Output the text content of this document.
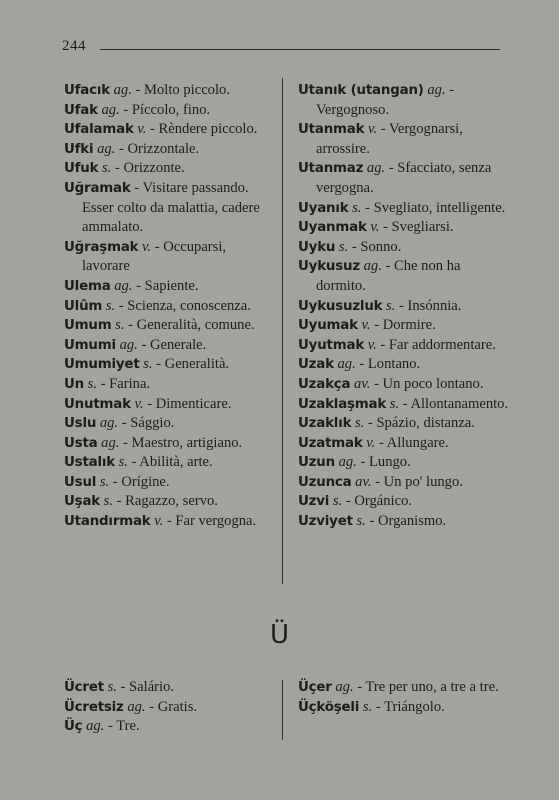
244

Ufacık ag. - Molto piccolo.

Ufak ag. - Píccolo, fino.

Ufalamak v. - Rèndere piccolo.

Ufki ag. - Orizzontale.

Ufuk s. - Orizzonte.

Uğramak - Visitare passando. Esser colto da malattia, cadere ammalato.

Uğraşmak v. - Occuparsi, lavorare

Ulema ag. - Sapiente.

Ulûm s. - Scienza, conoscenza.

Umum s. - Generalità, comune.

Umumi ag. - Generale.

Umumiyet s. - Generalità.

Un s. - Farina.

Unutmak v. - Dimenticare.

Uslu ag. - Sággio.

Usta ag. - Maestro, artigiano.

Ustalık s. - Abilità, arte.

Usul s. - Orígine.

Uşak s. - Ragazzo, servo.

Utandırmak v. - Far vergogna.

Utanık (utangan) ag. - Vergognoso.

Utanmak v. - Vergognarsi, arrossire.

Utanmaz ag. - Sfacciato, senza vergogna.

Uyanık s. - Svegliato, intelligente.

Uyanmak v. - Svegliarsi.

Uyku s. - Sonno.

Uykusuz ag. - Che non ha dormito.

Uykusuzluk s. - Insónnia.

Uyumak v. - Dormire.

Uyutmak v. - Far addormentare.

Uzak ag. - Lontano.

Uzakça av. - Un poco lontano.

Uzaklaşmak s. - Allontanamento.

Uzaklık s. - Spázio, distanza.

Uzatmak v. - Allungare.

Uzun ag. - Lungo.

Uzunca av. - Un po' lungo.

Uzvi s. - Orgánico.

Uzviyet s. - Organismo.

Ü

Ücret s. - Salário.

Ücretsiz ag. - Gratis.

Üç ag. - Tre.

Üçer ag. - Tre per uno, a tre a tre.

Üçköşeli s. - Triángolo.
